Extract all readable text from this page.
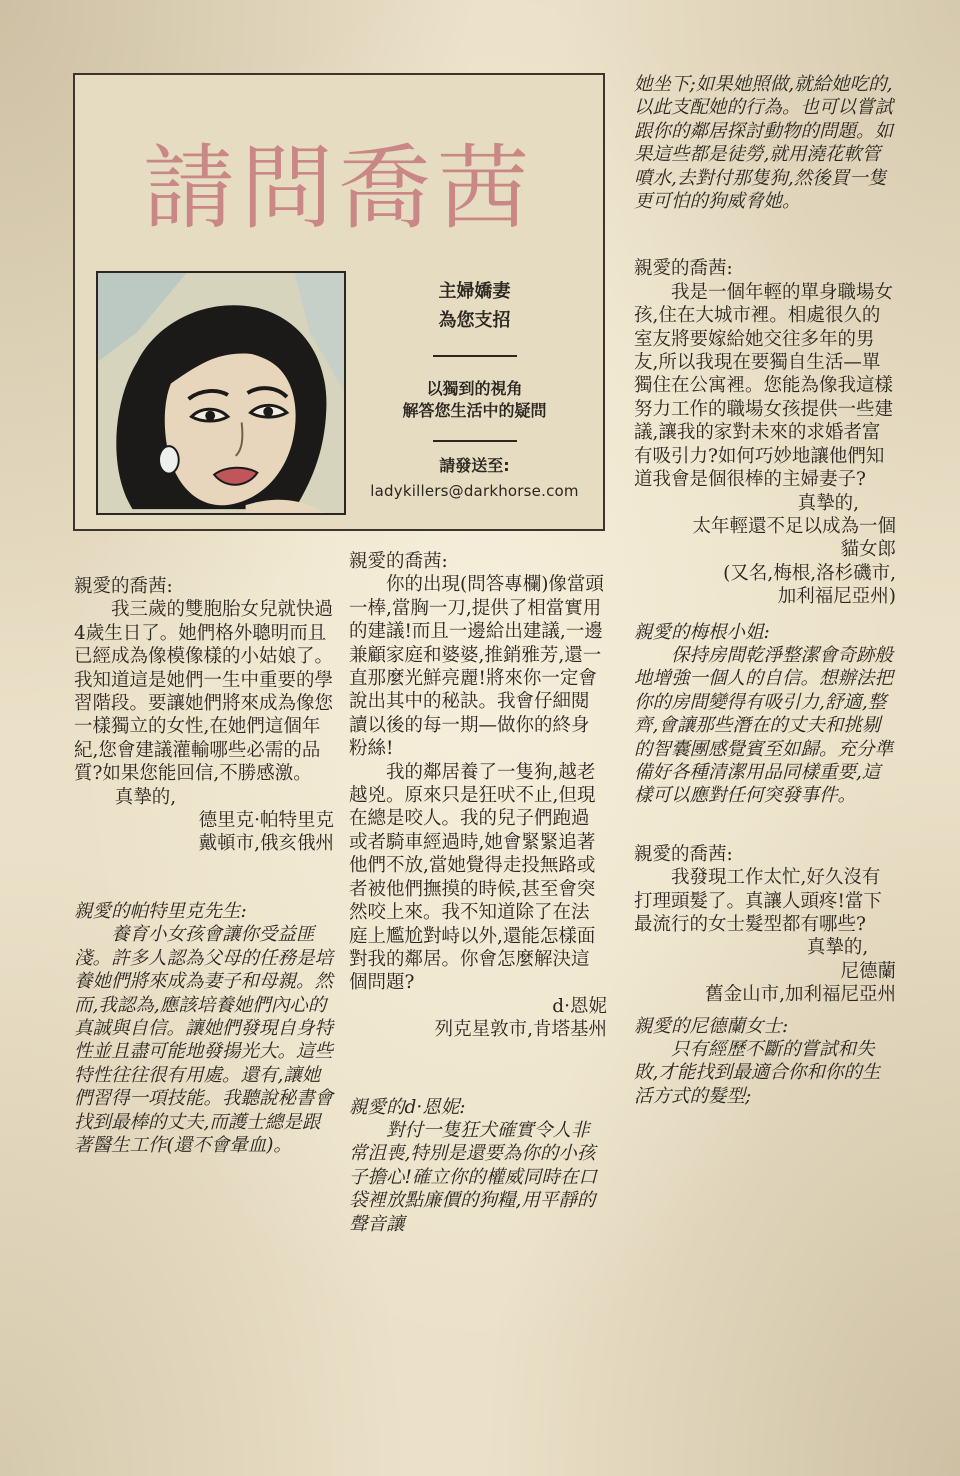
請問喬茜
主婦嬌妻
為您支招
以獨到的視角
解答您生活中的疑問
請發送至:
ladykillers@darkhorse.com

親愛的喬茜:

我三歲的雙胞胎女兒就快過4歲生日了。她們格外聰明而且已經成為像模像樣的小姑娘了。我知道這是她們一生中重要的學習階段。要讓她們將來成為像您一樣獨立的女性,在她們這個年紀,您會建議灌輸哪些必需的品質?如果您能回信,不勝感激。

真摯的,

德里克·帕特里克

戴頓市,俄亥俄州

親愛的帕特里克先生:

養育小女孩會讓你受益匪淺。許多人認為父母的任務是培養她們將來成為妻子和母親。然而,我認為,應該培養她們內心的真誠與自信。讓她們發現自身特性並且盡可能地發揚光大。這些特性往往很有用處。還有,讓她們習得一項技能。我聽說秘書會找到最棒的丈夫,而護士總是跟著醫生工作(還不會暈血)。

親愛的喬茜:

你的出現(問答專欄)像當頭一棒,當胸一刀,提供了相當實用的建議!而且一邊給出建議,一邊兼顧家庭和婆婆,推銷雅芳,還一直那麼光鮮亮麗!將來你一定會說出其中的秘訣。我會仔細閱讀以後的每一期—做你的終身粉絲!

我的鄰居養了一隻狗,越老越兇。原來只是狂吠不止,但現在總是咬人。我的兒子們跑過或者騎車經過時,她會緊緊追著他們不放,當她覺得走投無路或者被他們撫摸的時候,甚至會突然咬上來。我不知道除了在法庭上尷尬對峙以外,還能怎樣面對我的鄰居。你會怎麼解決這個問題?

d·恩妮

列克星敦市,肯塔基州

親愛的d·恩妮:

對付一隻狂犬確實令人非常沮喪,特別是還要為你的小孩子擔心!確立你的權威同時在口袋裡放點廉價的狗糧,用平靜的聲音讓

她坐下;如果她照做,就給她吃的,以此支配她的行為。也可以嘗試跟你的鄰居探討動物的問題。如果這些都是徒勞,就用澆花軟管噴水,去對付那隻狗,然後買一隻更可怕的狗威脅她。

親愛的喬茜:

我是一個年輕的單身職場女孩,住在大城市裡。相處很久的室友將要嫁給她交往多年的男友,所以我現在要獨自生活—單獨住在公寓裡。您能為像我這樣努力工作的職場女孩提供一些建議,讓我的家對未來的求婚者富有吸引力?如何巧妙地讓他們知道我會是個很棒的主婦妻子?

真摯的,

太年輕還不足以成為一個

貓女郎

(又名,梅根,洛杉磯市,

加利福尼亞州)

親愛的梅根小姐:

保持房間乾淨整潔會奇跡般地增強一個人的自信。想辦法把你的房間變得有吸引力,舒適,整齊,會讓那些潛在的丈夫和挑剔的智囊團感覺賓至如歸。充分準備好各種清潔用品同樣重要,這樣可以應對任何突發事件。

親愛的喬茜:

我發現工作太忙,好久沒有打理頭髮了。真讓人頭疼!當下最流行的女士髮型都有哪些?

真摯的,

尼德蘭

舊金山市,加利福尼亞州

親愛的尼德蘭女士:

只有經歷不斷的嘗試和失敗,才能找到最適合你和你的生活方式的髮型;
